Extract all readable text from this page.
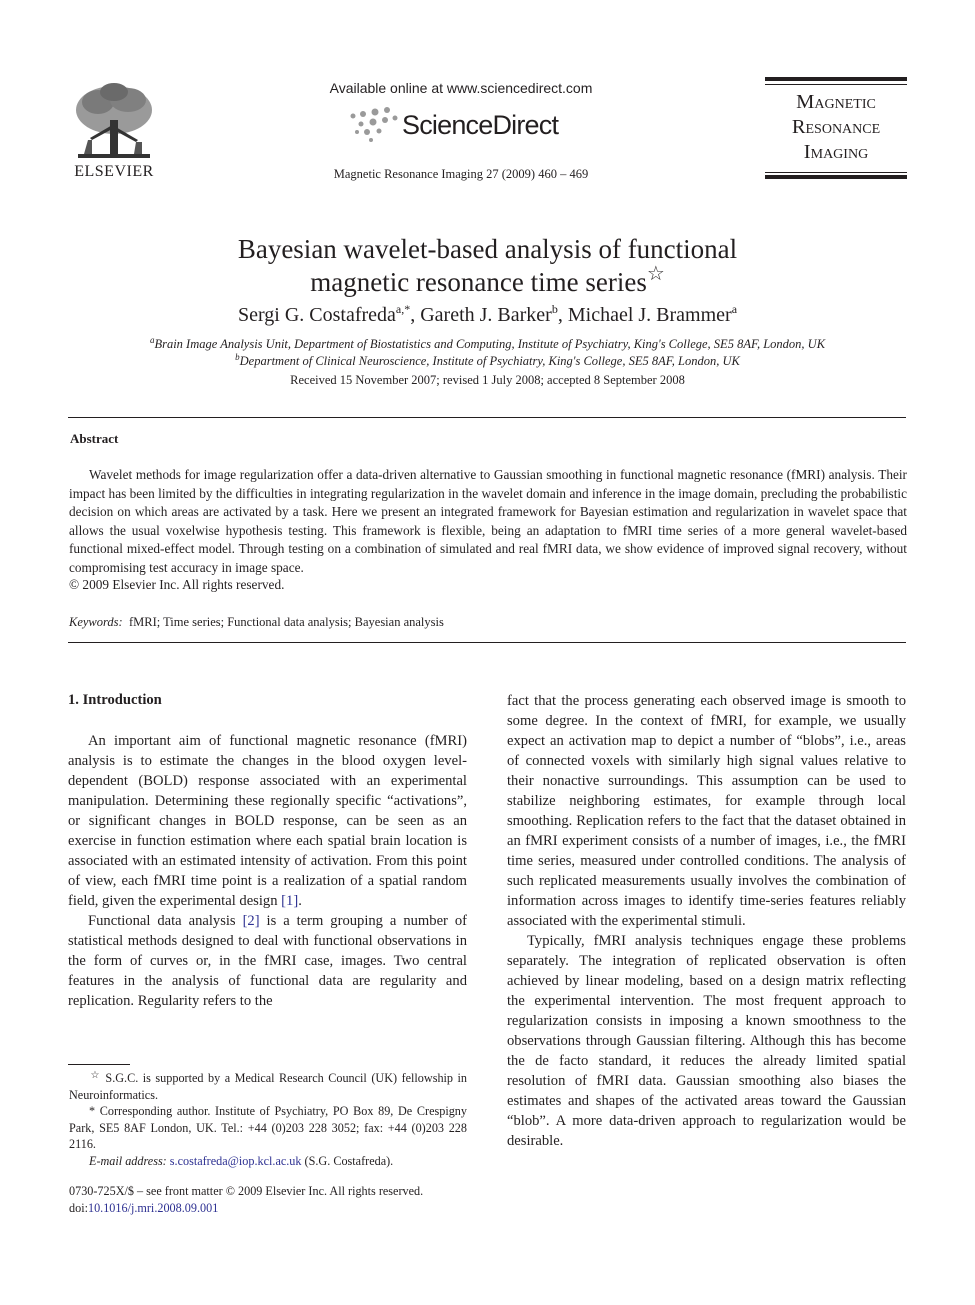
ELSEVIER
Available online at www.sciencedirect.com
ScienceDirect
Magnetic Resonance Imaging 27 (2009) 460 – 469
Magnetic
Resonance
Imaging
Bayesian wavelet-based analysis of functional
magnetic resonance time series☆
Sergi G. Costafreda$^{a,*}$, Gareth J. Barker$^b$, Michael J. Brammer$^a$
$^a$Brain Image Analysis Unit, Department of Biostatistics and Computing, Institute of Psychiatry, King's College, SE5 8AF, London, UK
$^b$Department of Clinical Neuroscience, Institute of Psychiatry, King's College, SE5 8AF, London, UK
Received 15 November 2007; revised 1 July 2008; accepted 8 September 2008
Abstract
Wavelet methods for image regularization offer a data-driven alternative to Gaussian smoothing in functional magnetic resonance (fMRI) analysis. Their impact has been limited by the difficulties in integrating regularization in the wavelet domain and inference in the image domain, precluding the probabilistic decision on which areas are activated by a task. Here we present an integrated framework for Bayesian estimation and regularization in wavelet space that allows the usual voxelwise hypothesis testing. This framework is flexible, being an adaptation to fMRI time series of a more general wavelet-based functional mixed-effect model. Through testing on a combination of simulated and real fMRI data, we show evidence of improved signal recovery, without compromising test accuracy in image space.
© 2009 Elsevier Inc. All rights reserved.
Keywords: fMRI; Time series; Functional data analysis; Bayesian analysis
1. Introduction

An important aim of functional magnetic resonance (fMRI) analysis is to estimate the changes in the blood oxygen level-dependent (BOLD) response associated with an experimental manipulation. Determining these regionally specific “activations”, or significant changes in BOLD response, can be seen as an exercise in function estimation where each spatial brain location is associated with an estimated intensity of activation. From this point of view, each fMRI time point is a realization of a spatial random field, given the experimental design [1].

Functional data analysis [2] is a term grouping a number of statistical methods designed to deal with functional observations in the form of curves or, in the fMRI case, images. Two central features in the analysis of functional data are regularity and replication. Regularity refers to the

fact that the process generating each observed image is smooth to some degree. In the context of fMRI, for example, we usually expect an activation map to depict a number of “blobs”, i.e., areas of connected voxels with similarly high signal values relative to their nonactive surroundings. This assumption can be used to stabilize neighboring estimates, for example through local smoothing. Replication refers to the fact that the dataset obtained in an fMRI experiment consists of a number of images, i.e., the fMRI time series, measured under controlled conditions. The analysis of such replicated measurements usually involves the combination of information across images to identify time-series features reliably associated with the experimental stimuli.

Typically, fMRI analysis techniques engage these problems separately. The integration of replicated observation is often achieved by linear modeling, based on a design matrix reflecting the experimental intervention. The most frequent approach to regularization consists in imposing a known smoothness to the observations through Gaussian filtering. Although this has become the de facto standard, it reduces the already limited spatial resolution of fMRI data. Gaussian smoothing also biases the estimates and shapes of the activated areas toward the Gaussian “blob”. A more data-driven approach to regularization would be desirable.

☆ S.G.C. is supported by a Medical Research Council (UK) fellowship in Neuroinformatics.
* Corresponding author. Institute of Psychiatry, PO Box 89, De Crespigny Park, SE5 8AF London, UK. Tel.: +44 (0)203 228 3052; fax: +44 (0)203 228 2116.
E-mail address: s.costafreda@iop.kcl.ac.uk (S.G. Costafreda).
0730-725X/$ – see front matter © 2009 Elsevier Inc. All rights reserved.
doi:10.1016/j.mri.2008.09.001
